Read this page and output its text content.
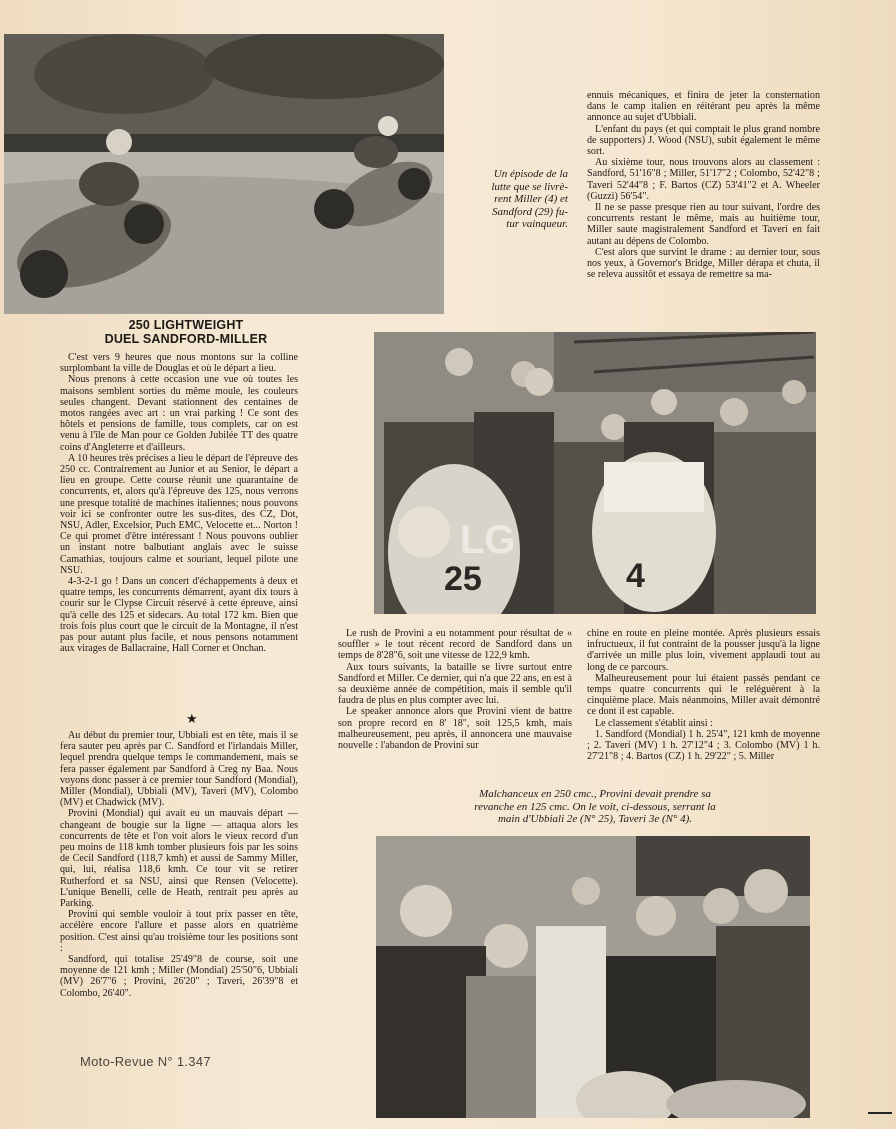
Un épisode de la
lutte que se livrè-
rent Miller (4) et
Sandford (29) fu-
tur vainqueur.

ennuis mécaniques, et finira de jeter la consternation dans le camp italien en réitérant peu après la même annonce au sujet d'Ubbiali.

L'enfant du pays (et qui comptait le plus grand nombre de supporters) J. Wood (NSU), subit également le même sort.

Au sixième tour, nous trouvons alors au classement : Sandford, 51'16"8 ; Miller, 51'17"2 ; Colombo, 52'42"8 ; Taveri 52'44"8 ; F. Bartos (CZ) 53'41"2 et A. Wheeler (Guzzi) 56'54".

Il ne se passe presque rien au tour suivant, l'ordre des concurrents restant le même, mais au huitième tour, Miller saute magistralement Sandford et Taveri en fait autant au dépens de Colombo.

C'est alors que survint le drame : au dernier tour, sous nos yeux, à Governor's Bridge, Miller dérapa et chuta, il se releva aussitôt et essaya de remettre sa ma-

250 LIGHTWEIGHT
DUEL SANDFORD-MILLER

C'est vers 9 heures que nous montons sur la colline surplombant la ville de Douglas et où le départ a lieu.

Nous prenons à cette occasion une vue où toutes les maisons semblent sorties du même moule, les couleurs seules changent. Devant stationnent des centaines de motos rangées avec art : un vrai parking ! Ce sont des hôtels et pensions de famille, tous complets, car on est venu à l'île de Man pour ce Golden Jubilée TT des quatre coins d'Angleterre et d'ailleurs.

A 10 heures très précises a lieu le départ de l'épreuve des 250 cc. Contrairement au Junior et au Senior, le départ a lieu en groupe. Cette course réunit une quarantaine de concurrents, et, alors qu'à l'épreuve des 125, nous verrons une presque totalité de machines italiennes; nous pouvons voir ici se confronter outre les sus-dites, des CZ, Dot, NSU, Adler, Excelsior, Puch EMC, Velocette et... Norton ! Ce qui promet d'être intéressant ! Nous pouvons oublier un instant notre balbutiant anglais avec le suisse Camathias, toujours calme et souriant, lequel pilote une NSU.

4-3-2-1 go ! Dans un concert d'échappements à deux et quatre temps, les concurrents démarrent, ayant dix tours à courir sur le Clypse Circuit réservé à cette épreuve, ainsi qu'à celle des 125 et sidecars. Au total 172 km. Bien que trois fois plus court que le circuit de la Montagne, il n'est pas pour autant plus facile, et nous pensons notamment aux virages de Ballacraine, Hall Corner et Onchan.

★

Au début du premier tour, Ubbiali est en tête, mais il se fera sauter peu après par C. Sandford et l'irlandais Miller, lequel prendra quelque temps le commandement, mais se fera passer également par Sandford à Creg ny Baa. Nous voyons donc passer à ce premier tour Sandford (Mondial), Miller (Mondial), Ubbiali (MV), Taveri (MV), Colombo (MV) et Chadwick (MV).

Provini (Mondial) qui avait eu un mauvais départ — changeant de bougie sur la ligne — attaqua alors les concurrents de tête et l'on voit alors le vieux record d'un peu moins de 118 kmh tomber plusieurs fois par les soins de Cecil Sandford (118,7 kmh) et aussi de Sammy Miller, qui, lui, réalisa 118,6 kmh. Ce tour vit se retirer Rutherford et sa NSU, ainsi que Rensen (Velocette). L'unique Benelli, celle de Heath, rentrait peu après au Parking.

Provini qui semble vouloir à tout prix passer en tête, accélère encore l'allure et passe alors en quatrième position. C'est ainsi qu'au troisième tour les positions sont :

Sandford, qui totalise 25'49"8 de course, soit une moyenne de 121 kmh ; Miller (Mondial) 25'50"6, Ubbiali (MV) 26'7"6 ; Provini, 26'20" ; Taveri, 26'39"8 et Colombo, 26'40".

LG
25	4

Le rush de Provini a eu notamment pour résultat de « souffler » le tout récent record de Sandford dans un temps de 8'28"6, soit une vitesse de 122,9 kmh.

Aux tours suivants, la bataille se livre surtout entre Sandford et Miller. Ce dernier, qui n'a que 22 ans, en est à sa deuxième année de compétition, mais il semble qu'il faudra de plus en plus compter avec lui.

Le speaker annonce alors que Provini vient de battre son propre record en 8' 18", soit 125,5 kmh, mais malheureusement, peu après, il annoncera une mauvaise nouvelle : l'abandon de Provini sur

chine en route en pleine montée. Après plusieurs essais infructueux, il fut contraint de la pousser jusqu'à la ligne d'arrivée un mille plus loin, vivement applaudi tout au long de ce parcours.

Malheureusement pour lui étaient passés pendant ce temps quatre concurrents qui le reléguèrent à la cinquième place. Mais néanmoins, Miller avait démontré ce dont il est capable.

Le classement s'établit ainsi :

1. Sandford (Mondial) 1 h. 25'4", 121 kmh de moyenne ; 2. Taveri (MV) 1 h. 27'12"4 ; 3. Colombo (MV) 1 h. 27'21"8 ; 4. Bartos (CZ) 1 h. 29'22" ; 5. Miller

Malchanceux en 250 cmc., Provini devait prendre sa
revanche en 125 cmc. On le voit, ci-dessous, serrant la
main d'Ubbiali 2e (N° 25), Taveri 3e (N° 4).
Moto-Revue N° 1.347
